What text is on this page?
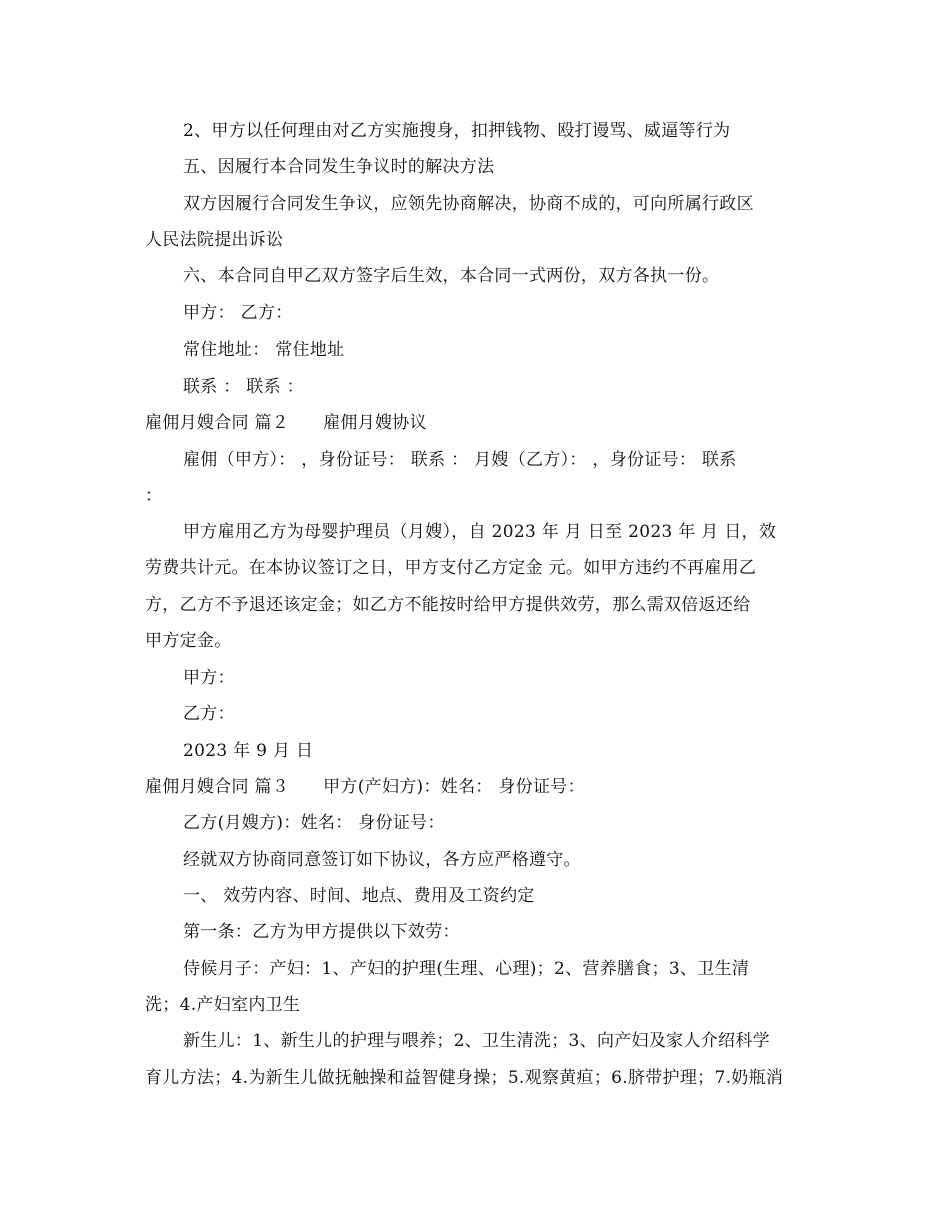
2、甲方以任何理由对乙方实施搜身，扣押钱物、殴打谩骂、威逼等行为
五、因履行本合同发生争议时的解决方法
双方因履行合同发生争议，应领先协商解决，协商不成的，可向所属行政区
人民法院提出诉讼
六、本合同自甲乙双方签字后生效，本合同一式两份，双方各执一份。
甲方： 乙方：
常住地址： 常住地址
联系 ： 联系 ：
雇佣月嫂合同 篇２ 雇佣月嫂协议
雇佣（甲方）： ，身份证号： 联系 ： 月嫂（乙方）： ，身份证号： 联系
：
甲方雇用乙方为母婴护理员（月嫂），自 2023 年 月 日至 2023 年 月 日，效
劳费共计元。在本协议签订之日，甲方支付乙方定金 元。如甲方违约不再雇用乙
方，乙方不予退还该定金；如乙方不能按时给甲方提供效劳，那么需双倍返还给
甲方定金。
甲方：
乙方：
2023 年 9 月 日
雇佣月嫂合同 篇３ 甲方(产妇方)：姓名： 身份证号：
乙方(月嫂方)：姓名： 身份证号：
经就双方协商同意签订如下协议，各方应严格遵守。
一、 效劳内容、时间、地点、费用及工资约定
第一条：乙方为甲方提供以下效劳：
侍候月子：产妇：1、产妇的护理(生理、心理)；2、营养膳食；3、卫生清
洗；4.产妇室内卫生
新生儿：1、新生儿的护理与喂养；2、卫生清洗；3、向产妇及家人介绍科学
育儿方法；4.为新生儿做抚触操和益智健身操；5.观察黄疸；6.脐带护理；7.奶瓶消
